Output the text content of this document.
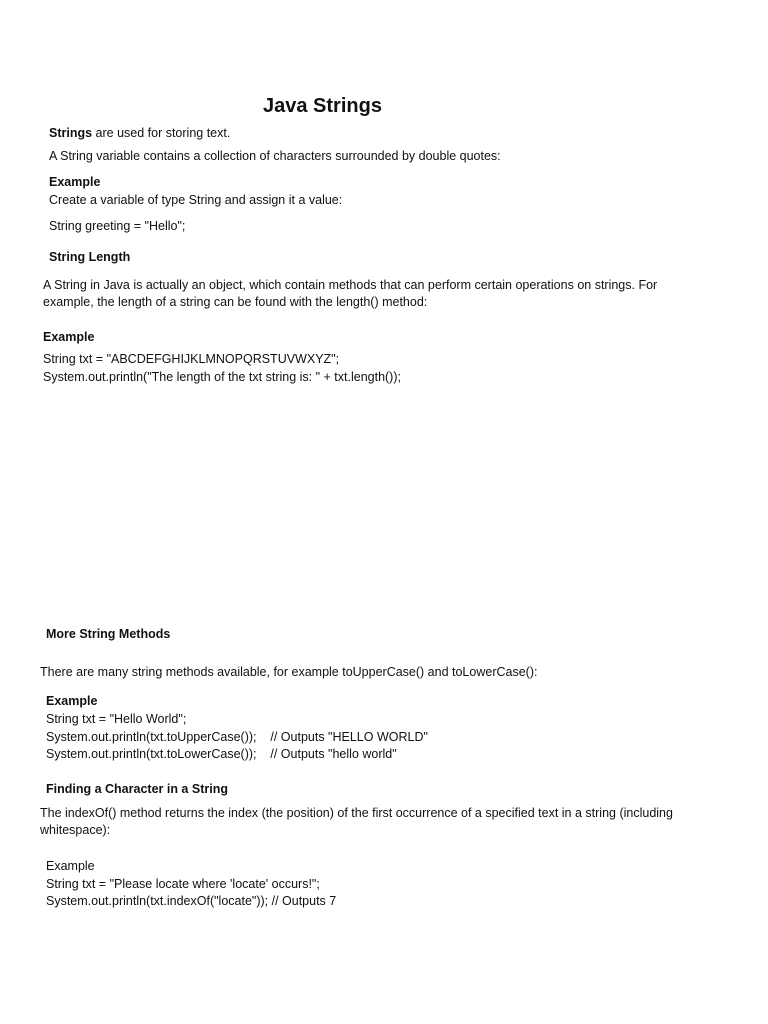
Java Strings
Strings are used for storing text.
A String variable contains a collection of characters surrounded by double quotes:
Example
Create a variable of type String and assign it a value:
String greeting = "Hello";
String Length
A String in Java is actually an object, which contain methods that can perform certain operations on strings. For
example, the length of a string can be found with the length() method:
Example
String txt = "ABCDEFGHIJKLMNOPQRSTUVWXYZ";
System.out.println("The length of the txt string is: " + txt.length());
More String Methods
There are many string methods available, for example toUpperCase() and toLowerCase():
Example
String txt = "Hello World";
System.out.println(txt.toUpperCase());    // Outputs "HELLO WORLD"
System.out.println(txt.toLowerCase());    // Outputs "hello world"
Finding a Character in a String
The indexOf() method returns the index (the position) of the first occurrence of a specified text in a string (including
whitespace):
Example
String txt = "Please locate where 'locate' occurs!";
System.out.println(txt.indexOf("locate")); // Outputs 7
